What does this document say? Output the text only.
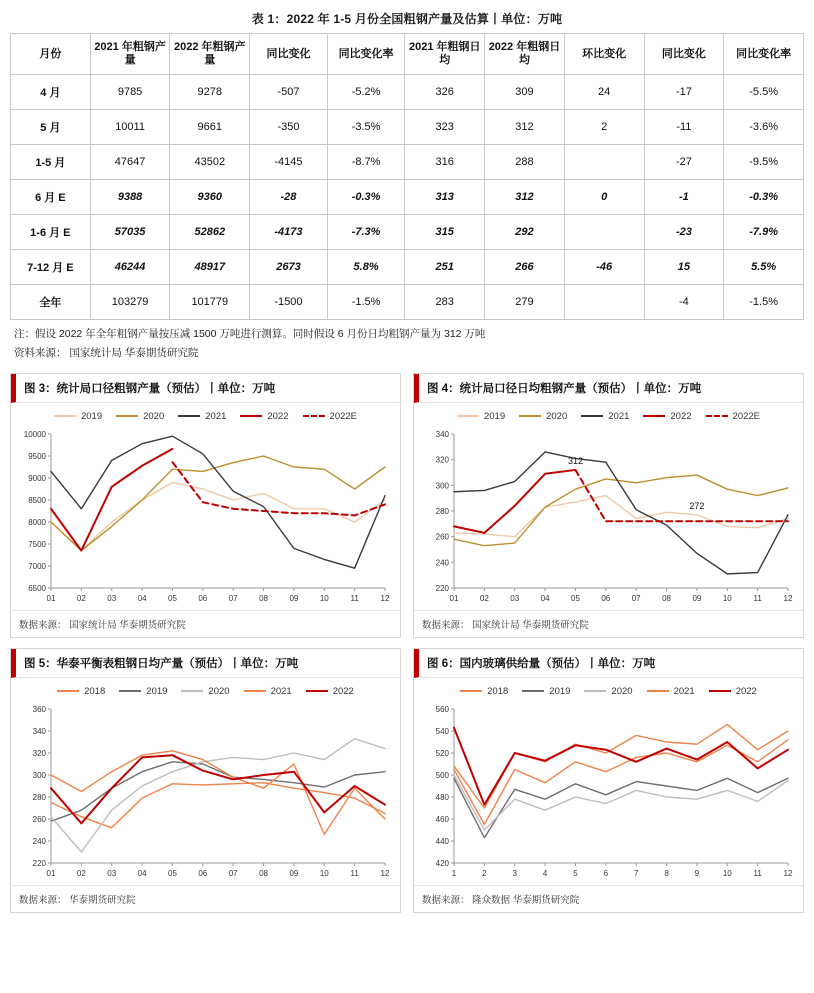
表 1：2022 年 1-5 月份全国粗钢产量及估算丨单位：万吨
月份	2021 年粗钢产量	2022 年粗钢产量	同比变化	同比变化率	2021 年粗钢日均	2022 年粗钢日均	环比变化	同比变化	同比变化率
4 月	9785	9278	-507	-5.2%	326	309	24	-17	-5.5%
5 月	10011	9661	-350	-3.5%	323	312	2	-11	-3.6%
1-5 月	47647	43502	-4145	-8.7%	316	288		-27	-9.5%
6 月 E	9388	9360	-28	-0.3%	313	312	0	-1	-0.3%
1-6 月 E	57035	52862	-4173	-7.3%	315	292		-23	-7.9%
7-12 月 E	46244	48917	2673	5.8%	251	266	-46	15	5.5%
全年	103279	101779	-1500	-1.5%	283	279		-4	-1.5%
注：假设 2022 年全年粗钢产量按压减 1500 万吨进行测算。同时假设 6 月份日均粗钢产量为 312 万吨
资料来源： 国家统计局 华泰期货研究院
图 3：统计局口径粗钢产量（预估）丨单位：万吨
2019	2020	2021	2022	2022E
6500
7000
7500
8000
8500
9000
9500
10000
01	02	03	04	05	06	07	08	09	10	11	12
数据来源： 国家统计局 华泰期货研究院
图 4：统计局口径日均粗钢产量（预估）丨单位：万吨
2019	2020	2021	2022	2022E
220
240
260
280
300
320
340
01	02	03	04	05	06	07	08	09	10	11	12
312
272
数据来源： 国家统计局 华泰期货研究院
图 5：华泰平衡表粗钢日均产量（预估）丨单位：万吨
2018	2019	2020	2021	2022
220
240
260
280
300
320
340
360
01	02	03	04	05	06	07	08	09	10	11	12
数据来源： 华泰期货研究院
图 6：国内玻璃供给量（预估）丨单位：万吨
2018	2019	2020	2021	2022
420
440
460
480
500
520
540
560
1	2	3	4	5	6	7	8	9	10	11	12
数据来源： 隆众数据 华泰期货研究院
